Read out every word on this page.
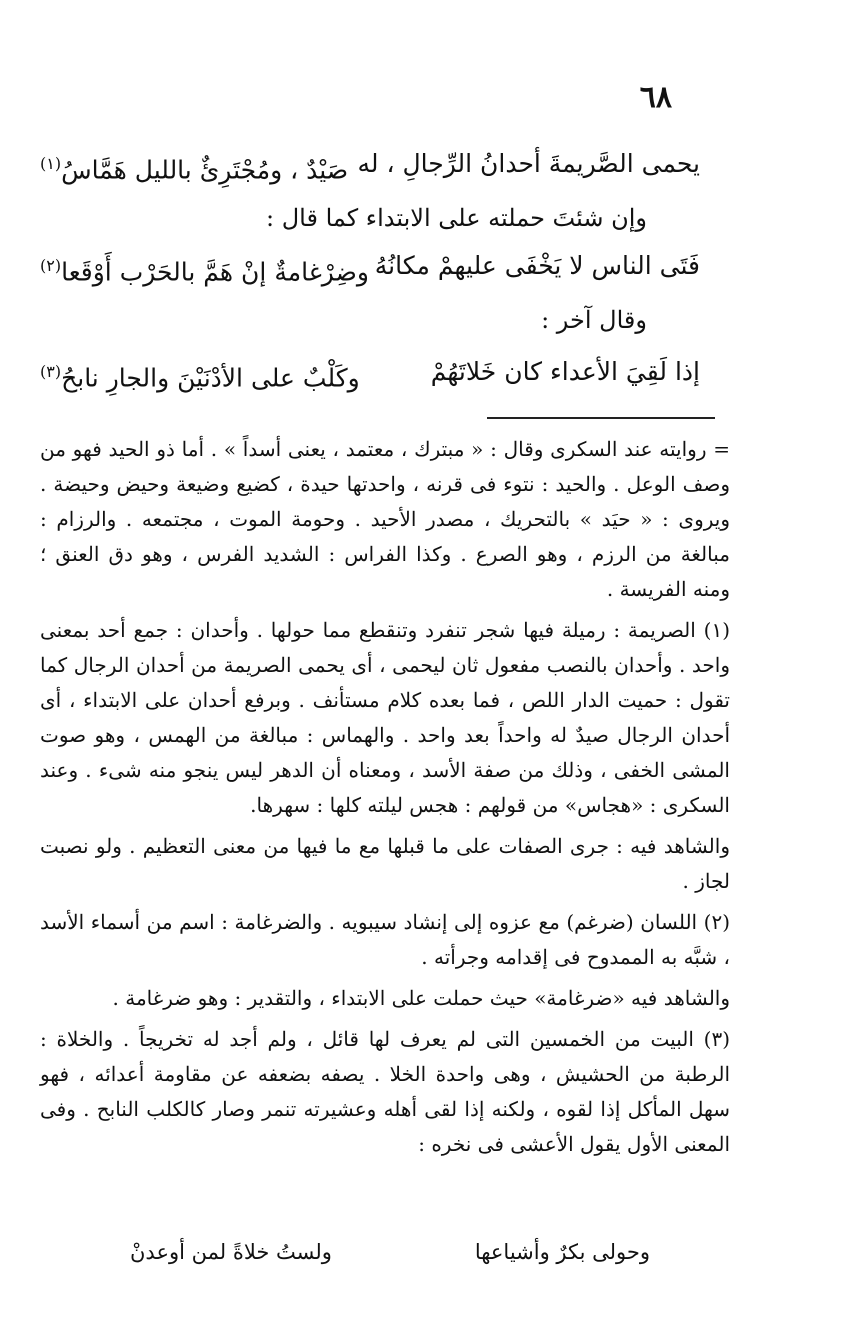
٦٨
يحمى الصَّريمةَ أحدانُ الرِّجالِ ، له
صَيْدٌ ، ومُجْتَرِئٌ بالليل هَمَّاسُ$^{(١)}$
وإن شئتَ حملته على الابتداء كما قال :
فَتَى الناس لا يَخْفَى عليهمْ مكانُهُ
وضِرْغامةٌ إنْ هَمَّ بالحَرْب أَوْقَعا$^{(٢)}$
وقال آخر :
إذا لَقِيَ الأعداء كان خَلاتَهُمْ
وكَلْبٌ على الأدْنَيْنَ والجارِ نابحُ$^{(٣)}$

= روايته عند السكرى وقال : « مبترك ، معتمد ، يعنى أسداً » . أما ذو الحيد فهو من وصف الوعل . والحيد : نتوء فى قرنه ، واحدتها حيدة ، كضيع وضيعة وحيض وحيضة . ويروى : « حيَد » بالتحريك ، مصدر الأحيد . وحومة الموت ، مجتمعه . والرزام : مبالغة من الرزم ، وهو الصرع . وكذا الفراس : الشديد الفرس ، وهو دق العنق ؛ ومنه الفريسة .

(١) الصريمة : رميلة فيها شجر تنفرد وتنقطع مما حولها . وأحدان : جمع أحد بمعنى واحد . وأحدان بالنصب مفعول ثان ليحمى ، أى يحمى الصريمة من أحدان الرجال كما تقول : حميت الدار اللص ، فما بعده كلام مستأنف . وبرفع أحدان على الابتداء ، أى أحدان الرجال صيدٌ له واحداً بعد واحد . والهماس : مبالغة من الهمس ، وهو صوت المشى الخفى ، وذلك من صفة الأسد ، ومعناه أن الدهر ليس ينجو منه شىء . وعند السكرى : «هجاس» من قولهم : هجس ليلته كلها : سهرها.

والشاهد فيه : جرى الصفات على ما قبلها مع ما فيها من معنى التعظيم . ولو نصبت لجاز .

(٢) اللسان (ضرغم) مع عزوه إلى إنشاد سيبويه . والضرغامة : اسم من أسماء الأسد ، شبَّه به الممدوح فى إقدامه وجرأته .

والشاهد فيه «ضرغامة» حيث حملت على الابتداء ، والتقدير : وهو ضرغامة .

(٣) البيت من الخمسين التى لم يعرف لها قائل ، ولم أجد له تخريجاً . والخلاة : الرطبة من الحشيش ، وهى واحدة الخلا . يصفه بضعفه عن مقاومة أعدائه ، فهو سهل المأكل إذا لقوه ، ولكنه إذا لقى أهله وعشيرته تنمر وصار كالكلب النابح . وفى المعنى الأول يقول الأعشى فى نخره :

وحولى بكرٌ وأشياعها
ولستُ خلاةً لمن أوعدنْ
